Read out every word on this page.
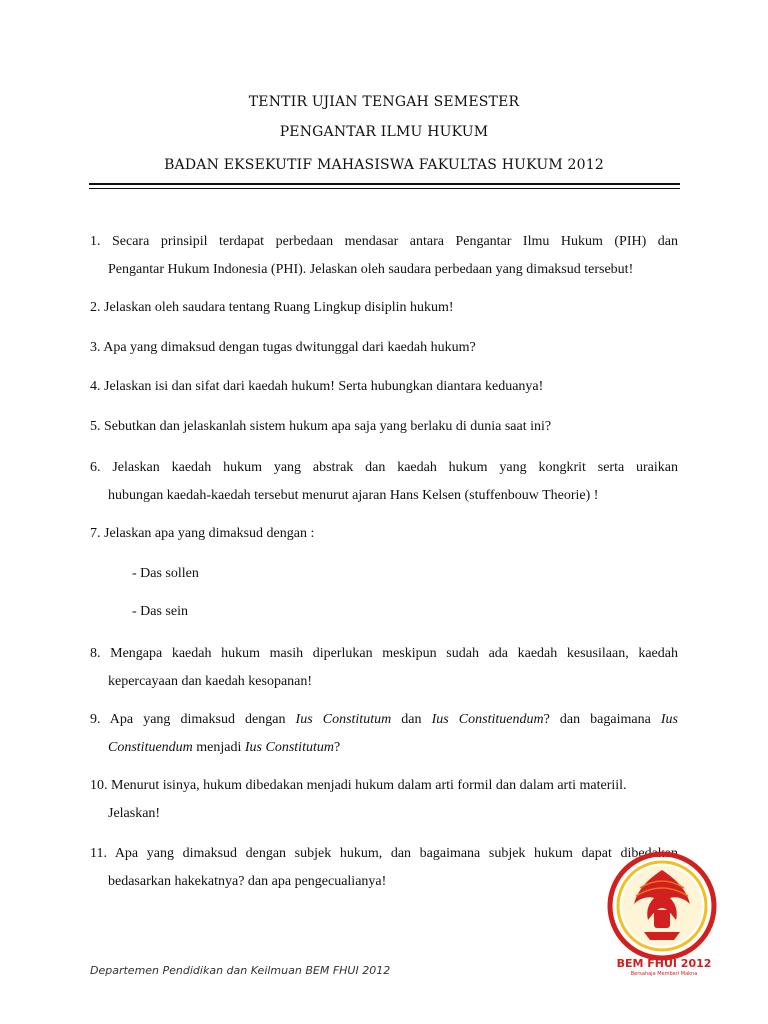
TENTIR UJIAN TENGAH SEMESTER
PENGANTAR ILMU HUKUM
BADAN EKSEKUTIF MAHASISWA FAKULTAS HUKUM 2012
1. Secara prinsipil terdapat perbedaan mendasar antara Pengantar Ilmu Hukum (PIH) dan
Pengantar Hukum Indonesia (PHI). Jelaskan oleh saudara perbedaan yang dimaksud tersebut!
2. Jelaskan oleh saudara tentang Ruang Lingkup disiplin hukum!
3. Apa yang dimaksud dengan tugas dwitunggal dari kaedah hukum?
4. Jelaskan isi dan sifat dari kaedah hukum! Serta hubungkan diantara keduanya!
5. Sebutkan dan jelaskanlah sistem hukum apa saja yang berlaku di dunia saat ini?
6. Jelaskan kaedah hukum yang abstrak dan kaedah hukum yang kongkrit serta uraikan
hubungan kaedah-kaedah tersebut menurut ajaran Hans Kelsen (stuffenbouw Theorie) !
7. Jelaskan apa yang dimaksud dengan :
- Das sollen
- Das sein
8. Mengapa kaedah hukum masih diperlukan meskipun sudah ada kaedah kesusilaan, kaedah
kepercayaan dan kaedah kesopanan!
9. Apa yang dimaksud dengan Ius Constitutum dan Ius Constituendum? dan bagaimana Ius
Constituendum menjadi Ius Constitutum?
10. Menurut isinya, hukum dibedakan menjadi hukum dalam arti formil dan dalam arti materiil.
Jelaskan!
11. Apa yang dimaksud dengan subjek hukum, dan bagaimana subjek hukum dapat dibedakan
bedasarkan hakekatnya? dan apa pengecualianya!
BEM FHUI 2012
Bersahaja Memberi Makna
Departemen Pendidikan dan Keilmuan BEM FHUI 2012
